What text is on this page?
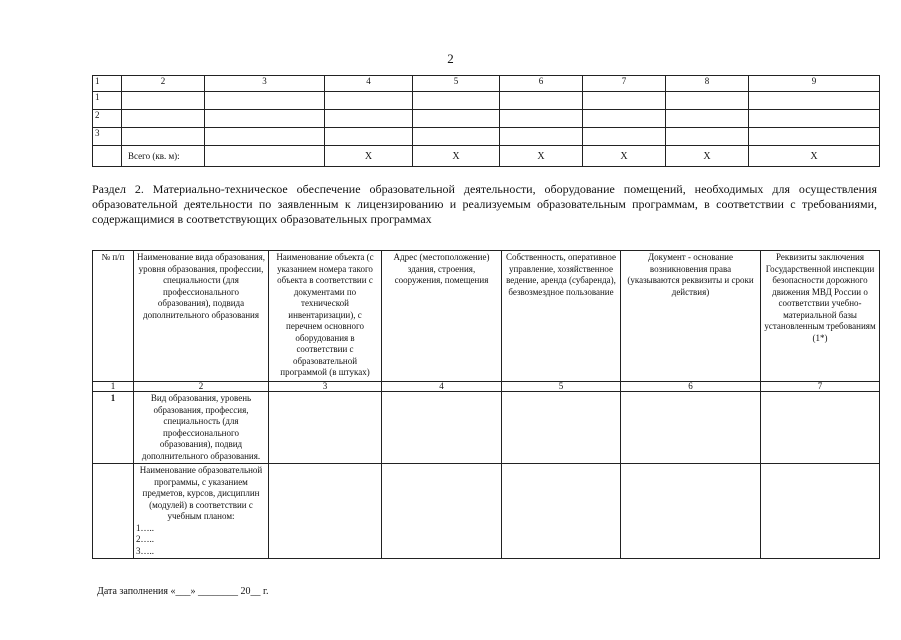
2
1	2	3	4	5	6	7	8	9
1								
2								
3								
	Всего (кв. м):		Х	Х	Х	Х	Х	Х
Раздел 2. Материально-техническое обеспечение образовательной деятельности, оборудование помещений, необходимых для осуществления образовательной деятельности по заявленным к лицензированию и реализуемым образовательным программам, в соответствии с требованиями, содержащимися в соответствующих образовательных программах
№ п/п	Наименование вида образования, уровня образования, профессии, специальности (для профессионального образования), подвида дополнительного образования	Наименование объекта (с указанием номера такого объекта в соответствии с документами по технической инвентаризации), с перечнем основного оборудования в соответствии с образовательной программой (в штуках)	Адрес (местоположение) здания, строения, сооружения, помещения	Собственность, оперативное управление, хозяйственное ведение, аренда (субаренда), безвозмездное пользование	Документ - основание возникновения права (указываются реквизиты и сроки действия)	Реквизиты заключения Государственной инспекции безопасности дорожного движения МВД России о соответствии учебно-материальной базы установленным требованиям (1*)
1	2	3	4	5	6	7
1	Вид образования, уровень образования, профессия, специальность (для профессионального образования), подвид дополнительного образования.					

	Наименование образовательной программы, с указанием предметов, курсов, дисциплин (модулей) в соответствии с учебным планом:
1…..
2…..
3…..					

Дата заполнения «___» ________ 20__ г.
